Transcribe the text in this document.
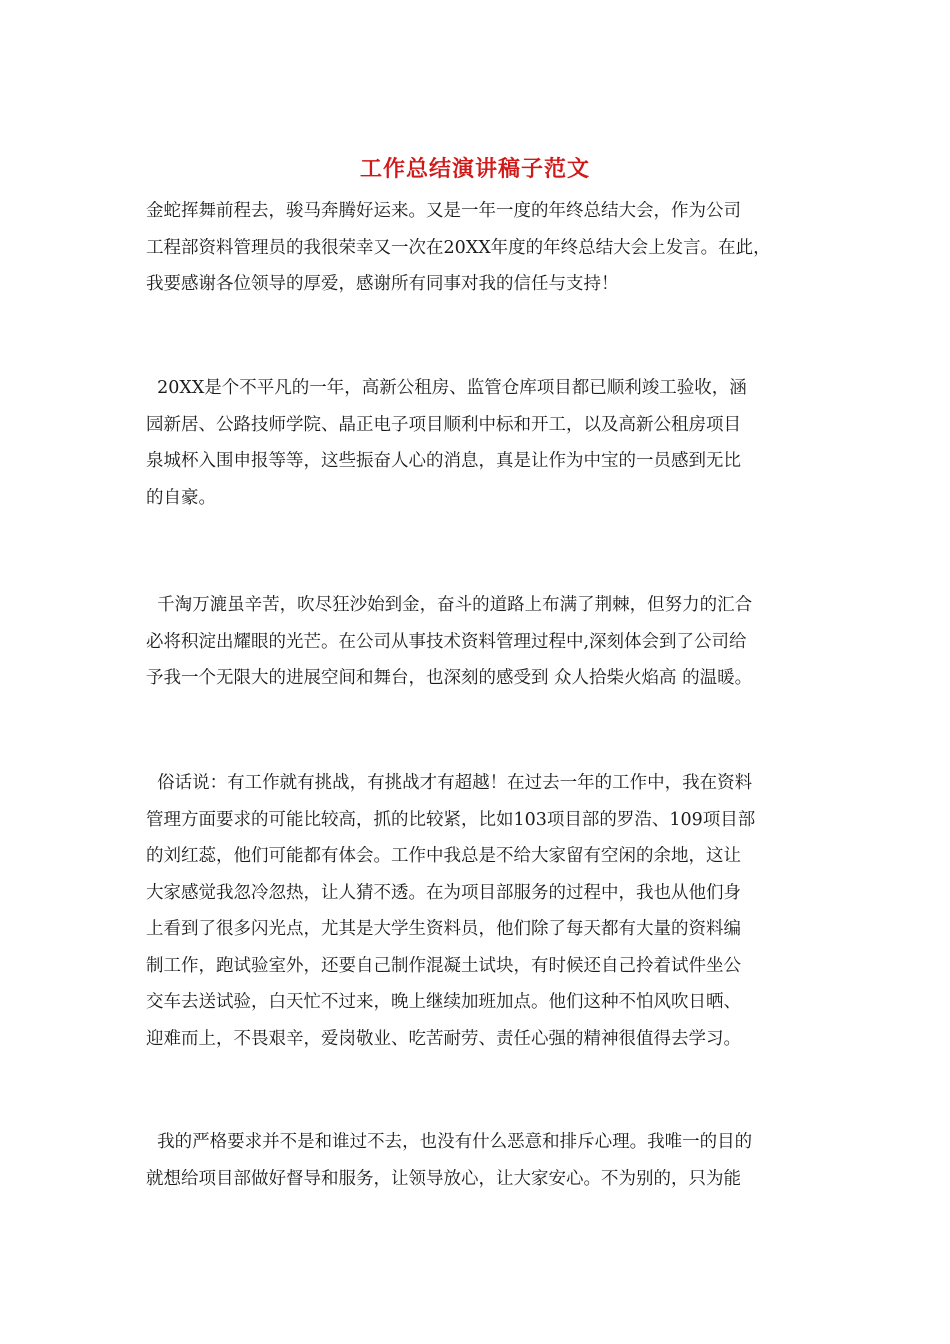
工作总结演讲稿子范文
金蛇挥舞前程去，骏马奔腾好运来。又是一年一度的年终总结大会，作为公司
工程部资料管理员的我很荣幸又一次在20XX年度的年终总结大会上发言。在此，
我要感谢各位领导的厚爱，感谢所有同事对我的信任与支持！
20XX是个不平凡的一年，高新公租房、监管仓库项目都已顺利竣工验收，涵
园新居、公路技师学院、晶正电子项目顺利中标和开工，以及高新公租房项目
泉城杯入围申报等等，这些振奋人心的消息，真是让作为中宝的一员感到无比
的自豪。
千淘万漉虽辛苦，吹尽狂沙始到金，奋斗的道路上布满了荆棘，但努力的汇合
必将积淀出耀眼的光芒。在公司从事技术资料管理过程中,深刻体会到了公司给
予我一个无限大的进展空间和舞台，也深刻的感受到 众人拾柴火焰高 的温暖。
俗话说：有工作就有挑战，有挑战才有超越！在过去一年的工作中，我在资料
管理方面要求的可能比较高，抓的比较紧，比如103项目部的罗浩、109项目部
的刘红蕊，他们可能都有体会。工作中我总是不给大家留有空闲的余地，这让
大家感觉我忽冷忽热，让人猜不透。在为项目部服务的过程中，我也从他们身
上看到了很多闪光点，尤其是大学生资料员，他们除了每天都有大量的资料编
制工作，跑试验室外，还要自己制作混凝土试块，有时候还自己拎着试件坐公
交车去送试验，白天忙不过来，晚上继续加班加点。他们这种不怕风吹日晒、
迎难而上，不畏艰辛，爱岗敬业、吃苦耐劳、责任心强的精神很值得去学习。
我的严格要求并不是和谁过不去，也没有什么恶意和排斥心理。我唯一的目的
就想给项目部做好督导和服务，让领导放心，让大家安心。不为别的，只为能
